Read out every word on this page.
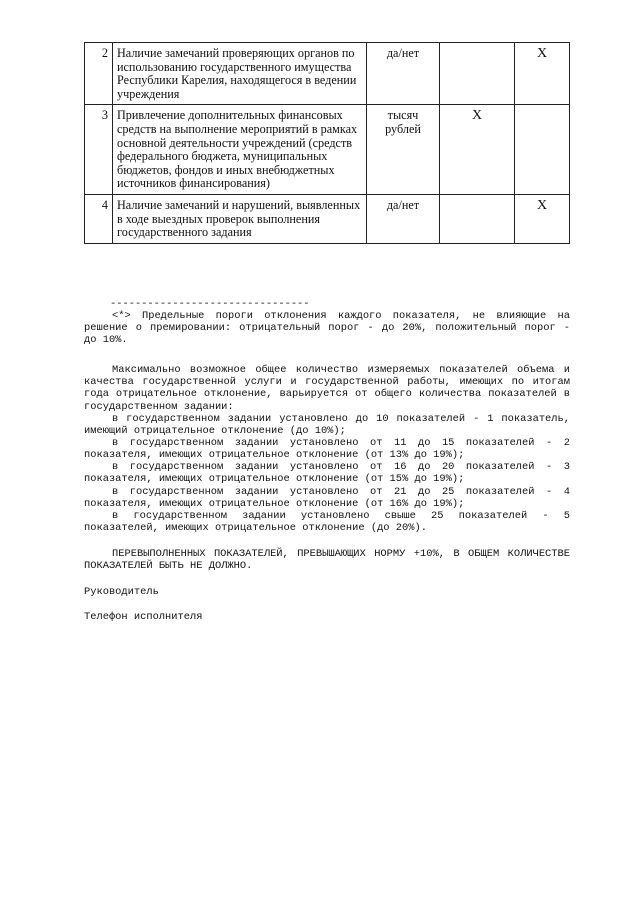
2	Наличие замечаний проверяющих органов по использованию государственного имущества Республики Карелия, находящегося в ведении учреждения	да/нет		X
3	Привлечение дополнительных финансовых средств на выполнение мероприятий в рамках основной деятельности учреждений (средств федерального бюджета, муниципальных бюджетов, фондов и иных внебюджетных источников финансирования)	тысяч рублей	X	
4	Наличие замечаний и нарушений, выявленных в ходе выездных проверок выполнения государственного задания	да/нет		X

--------------------------------

<*> Предельные пороги отклонения каждого показателя, не влияющие на решение о премировании: отрицательный порог - до 20%, положительный порог - до 10%.

Максимально возможное общее количество измеряемых показателей объема и качества государственной услуги и государственной работы, имеющих по итогам года отрицательное отклонение, варьируется от общего количества показателей в государственном задании:

в государственном задании установлено до 10 показателей - 1 показатель, имеющий отрицательное отклонение (до 10%);

в государственном задании установлено от 11 до 15 показателей - 2 показателя, имеющих отрицательное отклонение (от 13% до 19%);

в государственном задании установлено от 16 до 20 показателей - 3 показателя, имеющих отрицательное отклонение (от 15% до 19%);

в государственном задании установлено от 21 до 25 показателей - 4 показателя, имеющих отрицательное отклонение (от 16% до 19%);

в государственном задании установлено свыше 25 показателей - 5 показателей, имеющих отрицательное отклонение (до 20%).

ПЕРЕВЫПОЛНЕННЫХ ПОКАЗАТЕЛЕЙ, ПРЕВЫШАЮЩИХ НОРМУ +10%, В ОБЩЕМ КОЛИЧЕСТВЕ ПОКАЗАТЕЛЕЙ БЫТЬ НЕ ДОЛЖНО.

Руководитель
Телефон исполнителя
